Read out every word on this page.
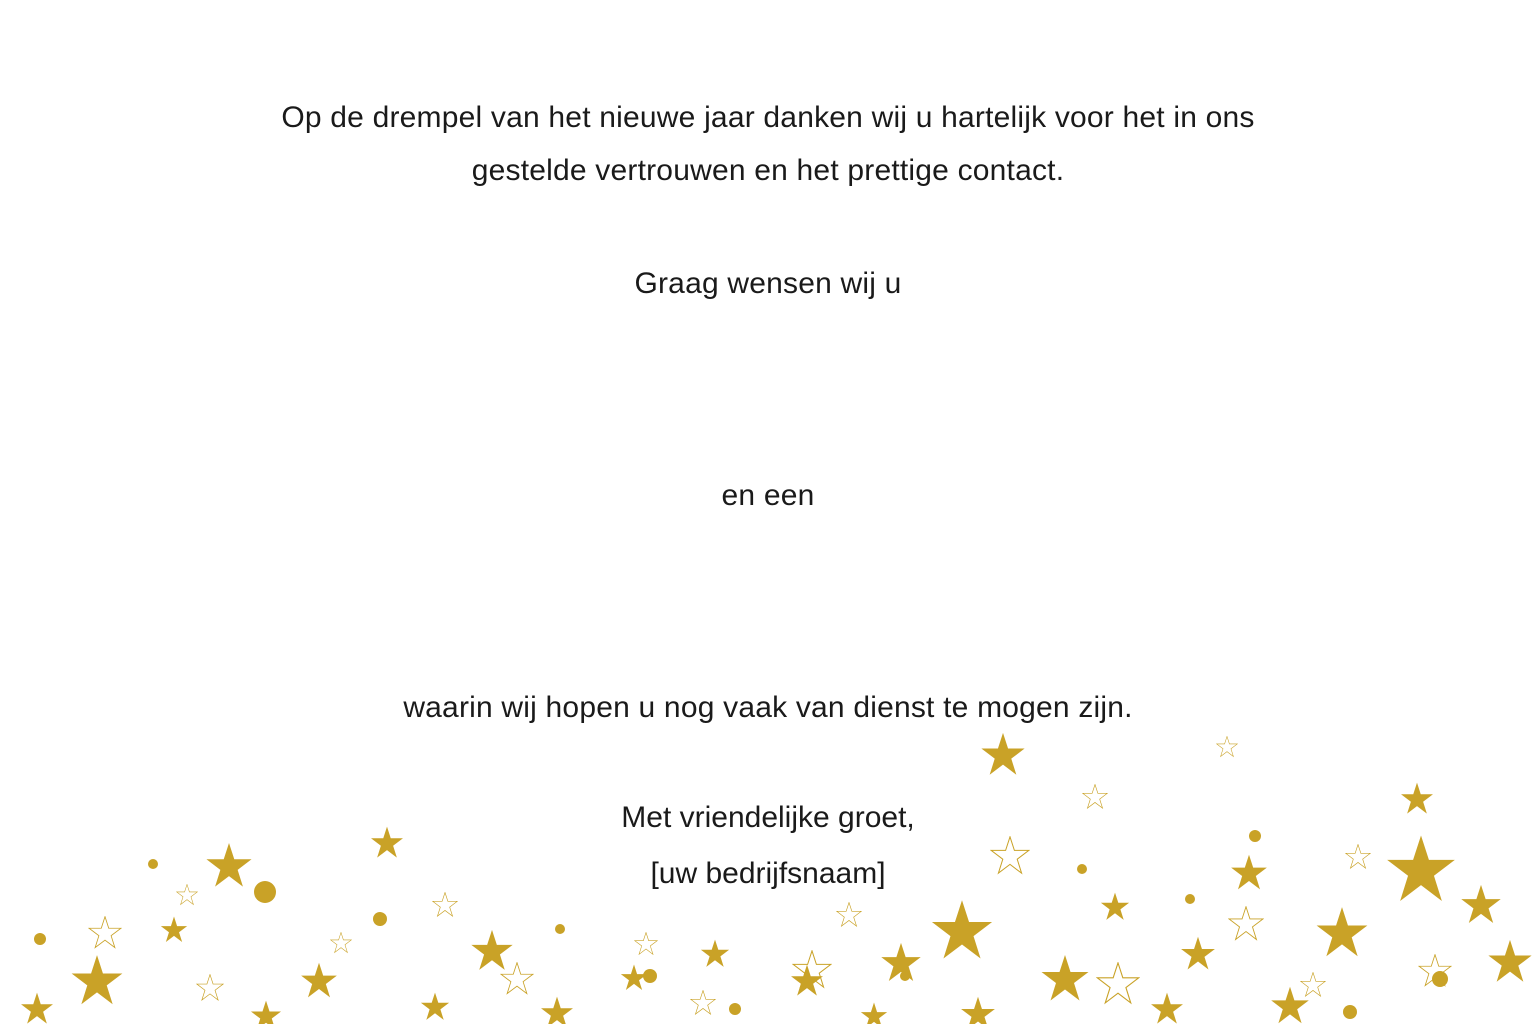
Op de drempel van het nieuwe jaar danken wij u hartelijk voor het in ons gestelde vertrouwen en het prettige contact.
Graag wensen wij u
en een
waarin wij hopen u nog vaak van dienst te mogen zijn.
Met vriendelijke groet,
[uw bedrijfsnaam]
